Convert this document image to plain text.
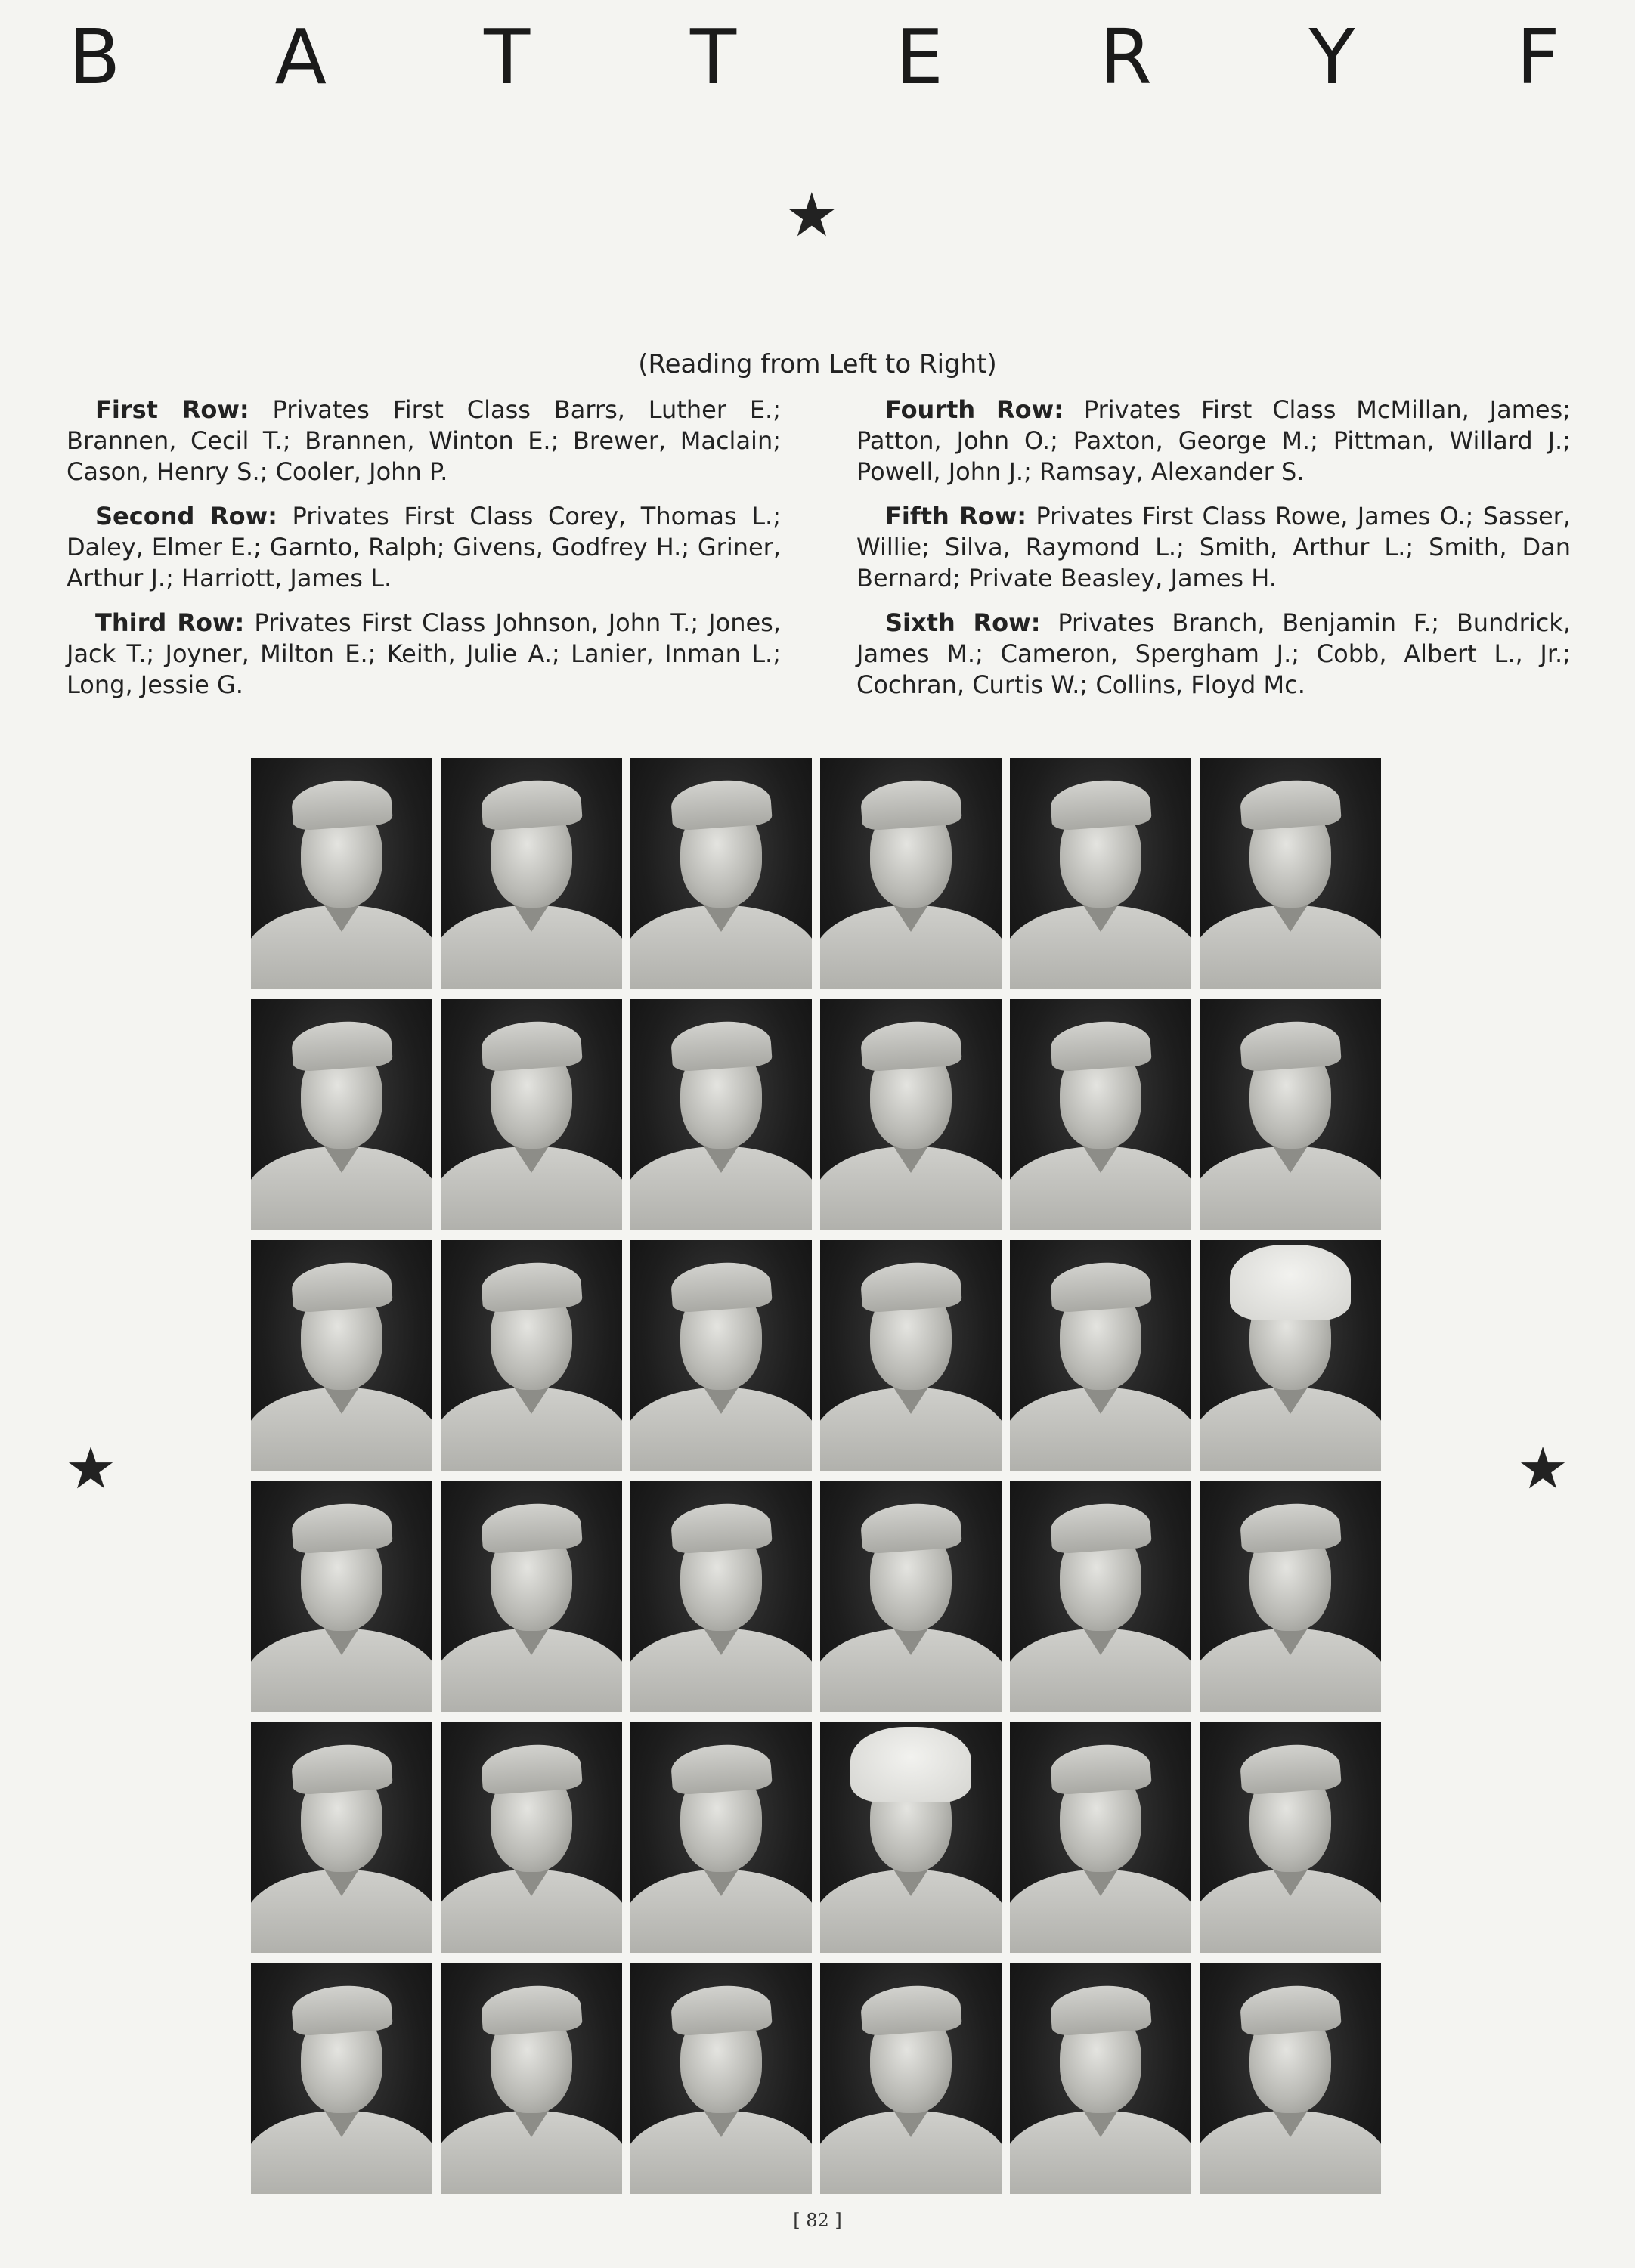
B A T T E R Y F
★
(Reading from Left to Right)

First Row: Privates First Class Barrs, Luther E.; Brannen, Cecil T.; Brannen, Winton E.; Brewer, Maclain; Cason, Henry S.; Cooler, John P.

Second Row: Privates First Class Corey, Thomas L.; Daley, Elmer E.; Garnto, Ralph; Givens, Godfrey H.; Griner, Arthur J.; Harriott, James L.

Third Row: Privates First Class Johnson, John T.; Jones, Jack T.; Joyner, Milton E.; Keith, Julie A.; Lanier, Inman L.; Long, Jessie G.

Fourth Row: Privates First Class McMillan, James; Patton, John O.; Paxton, George M.; Pittman, Willard J.; Powell, John J.; Ramsay, Alexander S.

Fifth Row: Privates First Class Rowe, James O.; Sasser, Willie; Silva, Raymond L.; Smith, Arthur L.; Smith, Dan Bernard; Private Beasley, James H.

Sixth Row: Privates Branch, Benjamin F.; Bundrick, James M.; Cameron, Spergham J.; Cobb, Albert L., Jr.; Cochran, Curtis W.; Collins, Floyd Mc.

★	★
[ 82 ]
